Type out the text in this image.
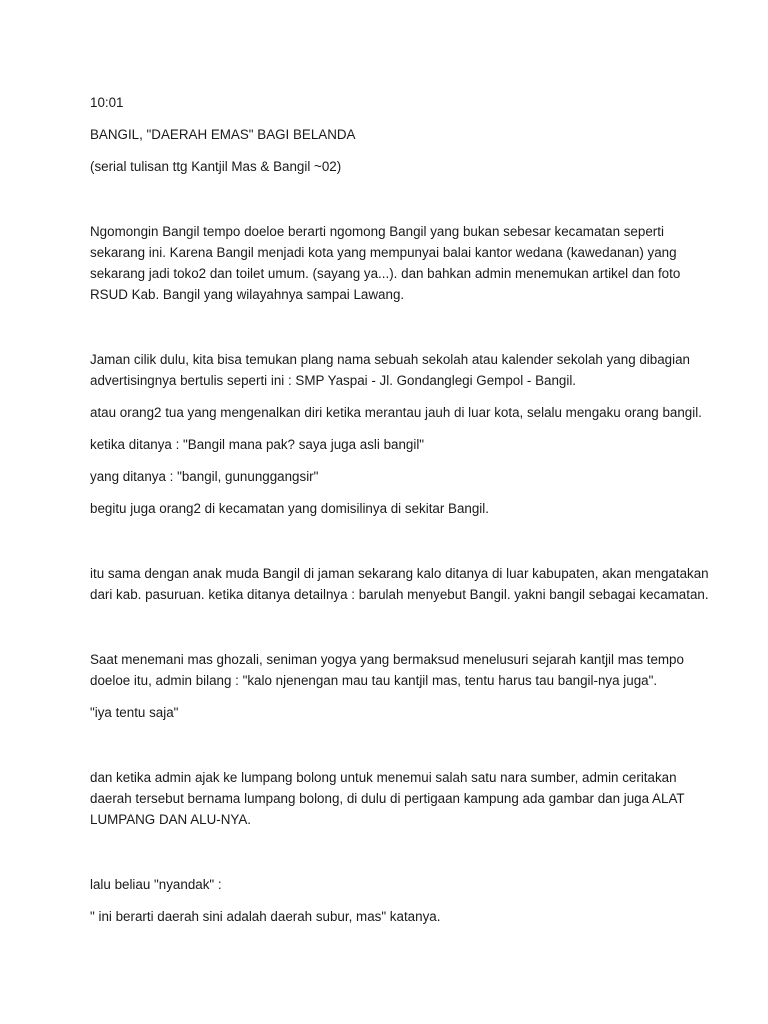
10:01

BANGIL, "DAERAH EMAS" BAGI BELANDA

(serial tulisan ttg Kantjil Mas & Bangil ~02)

Ngomongin Bangil tempo doeloe berarti ngomong Bangil yang bukan sebesar kecamatan seperti

sekarang ini. Karena Bangil menjadi kota yang mempunyai balai kantor wedana (kawedanan) yang

sekarang jadi toko2 dan toilet umum. (sayang ya...). dan bahkan admin menemukan artikel dan foto

RSUD Kab. Bangil yang wilayahnya sampai Lawang.

Jaman cilik dulu, kita bisa temukan plang nama sebuah sekolah atau kalender sekolah yang dibagian

advertisingnya bertulis seperti ini : SMP Yaspai - Jl. Gondanglegi Gempol - Bangil.

atau orang2 tua yang mengenalkan diri ketika merantau jauh di luar kota, selalu mengaku orang bangil.

ketika ditanya : "Bangil mana pak? saya juga asli bangil"

yang ditanya : "bangil, gununggangsir"

begitu juga orang2 di kecamatan yang domisilinya di sekitar Bangil.

itu sama dengan anak muda Bangil di jaman sekarang kalo ditanya di luar kabupaten, akan mengatakan

dari kab. pasuruan. ketika ditanya detailnya : barulah menyebut Bangil. yakni bangil sebagai kecamatan.

Saat menemani mas ghozali, seniman yogya yang bermaksud menelusuri sejarah kantjil mas tempo

doeloe itu, admin bilang : "kalo njenengan mau tau kantjil mas, tentu harus tau bangil-nya juga".

"iya tentu saja"

dan ketika admin ajak ke lumpang bolong untuk menemui salah satu nara sumber, admin ceritakan

daerah tersebut bernama lumpang bolong, di dulu di pertigaan kampung ada gambar dan juga ALAT

LUMPANG DAN ALU-NYA.

lalu beliau "nyandak" :

" ini berarti daerah sini adalah daerah subur, mas" katanya.
